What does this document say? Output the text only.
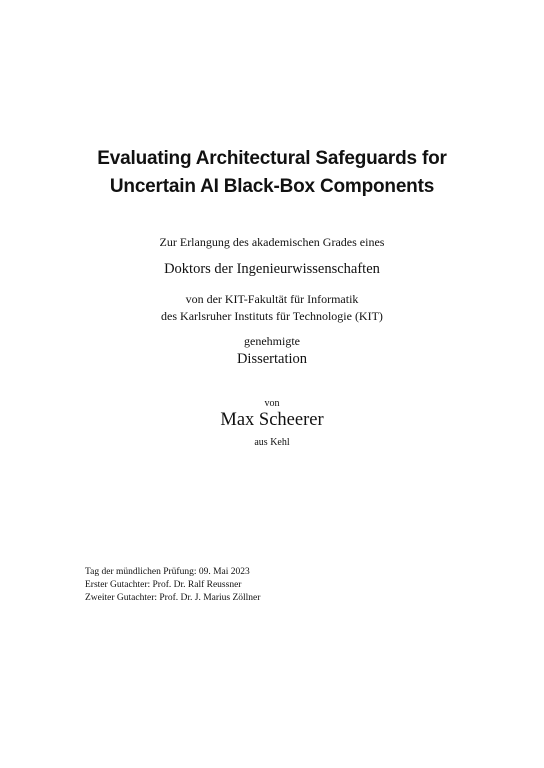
Evaluating Architectural Safeguards for
Uncertain AI Black-Box Components
Zur Erlangung des akademischen Grades eines
Doktors der Ingenieurwissenschaften
von der KIT-Fakultät für Informatik
des Karlsruher Instituts für Technologie (KIT)
genehmigte
Dissertation
von
Max Scheerer
aus Kehl
Tag der mündlichen Prüfung: 09. Mai 2023
Erster Gutachter: Prof. Dr. Ralf Reussner
Zweiter Gutachter: Prof. Dr. J. Marius Zöllner
